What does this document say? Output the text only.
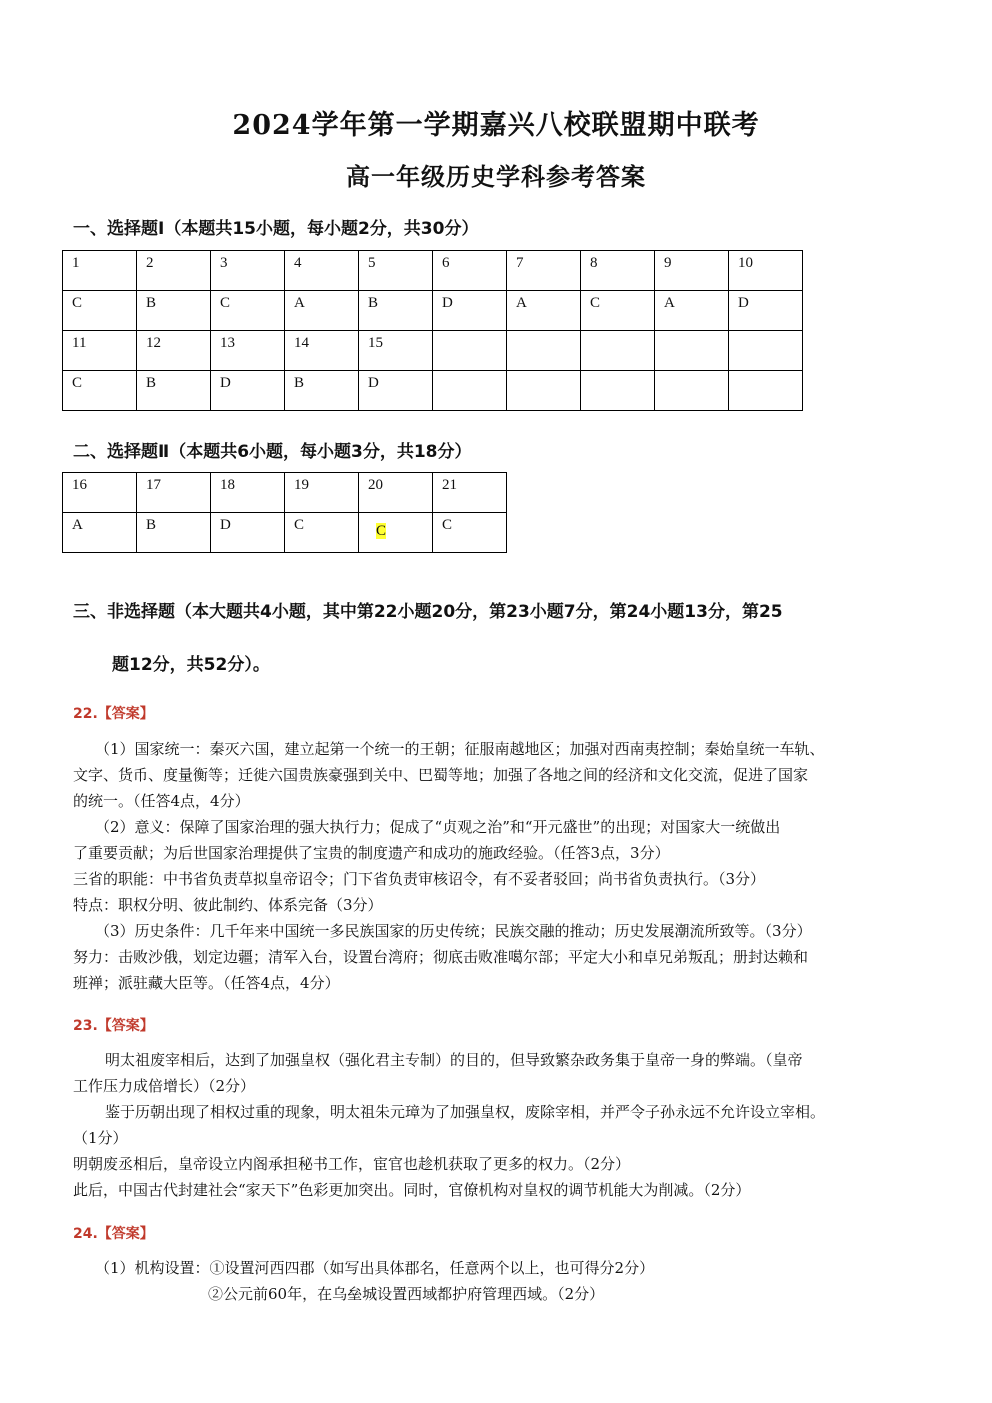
2024学年第一学期嘉兴八校联盟期中联考
高一年级历史学科参考答案
一、选择题Ⅰ（本题共15小题，每小题2分，共30分）
1	2	3	4	5	6	7	8	9	10
C	B	C	A	B	D	A	C	A	D
11	12	13	14	15					
C	B	D	B	D					
二、选择题Ⅱ（本题共6小题，每小题3分，共18分）
16	17	18	19	20	21
A	B	D	C	C	C
三、非选择题（本大题共4小题，其中第22小题20分，第23小题7分，第24小题13分，第25
题12分，共52分）。
22.【答案】
（1）国家统一：秦灭六国，建立起第一个统一的王朝；征服南越地区；加强对西南夷控制；秦始皇统一车轨、
文字、货币、度量衡等；迁徙六国贵族豪强到关中、巴蜀等地；加强了各地之间的经济和文化交流，促进了国家
的统一。（任答4点，4分）
（2）意义：保障了国家治理的强大执行力；促成了“贞观之治”和“开元盛世”的出现；对国家大一统做出
了重要贡献；为后世国家治理提供了宝贵的制度遗产和成功的施政经验。（任答3点，3分）
三省的职能：中书省负责草拟皇帝诏令；门下省负责审核诏令，有不妥者驳回；尚书省负责执行。（3分）
特点：职权分明、彼此制约、体系完备（3分）
（3）历史条件：几千年来中国统一多民族国家的历史传统；民族交融的推动；历史发展潮流所致等。（3分）
努力：击败沙俄，划定边疆；清军入台，设置台湾府；彻底击败准噶尔部；平定大小和卓兄弟叛乱；册封达赖和
班禅；派驻藏大臣等。（任答4点，4分）
23.【答案】
明太祖废宰相后，达到了加强皇权（强化君主专制）的目的，但导致繁杂政务集于皇帝一身的弊端。（皇帝
工作压力成倍增长）（2分）
鉴于历朝出现了相权过重的现象，明太祖朱元璋为了加强皇权，废除宰相，并严令子孙永远不允许设立宰相。
（1分）
明朝废丞相后，皇帝设立内阁承担秘书工作，宦官也趁机获取了更多的权力。（2分）
此后，中国古代封建社会“家天下”色彩更加突出。同时，官僚机构对皇权的调节机能大为削减。（2分）
24.【答案】
（1）机构设置：①设置河西四郡（如写出具体郡名，任意两个以上，也可得分2分）
②公元前60年，在乌垒城设置西域都护府管理西域。（2分）
